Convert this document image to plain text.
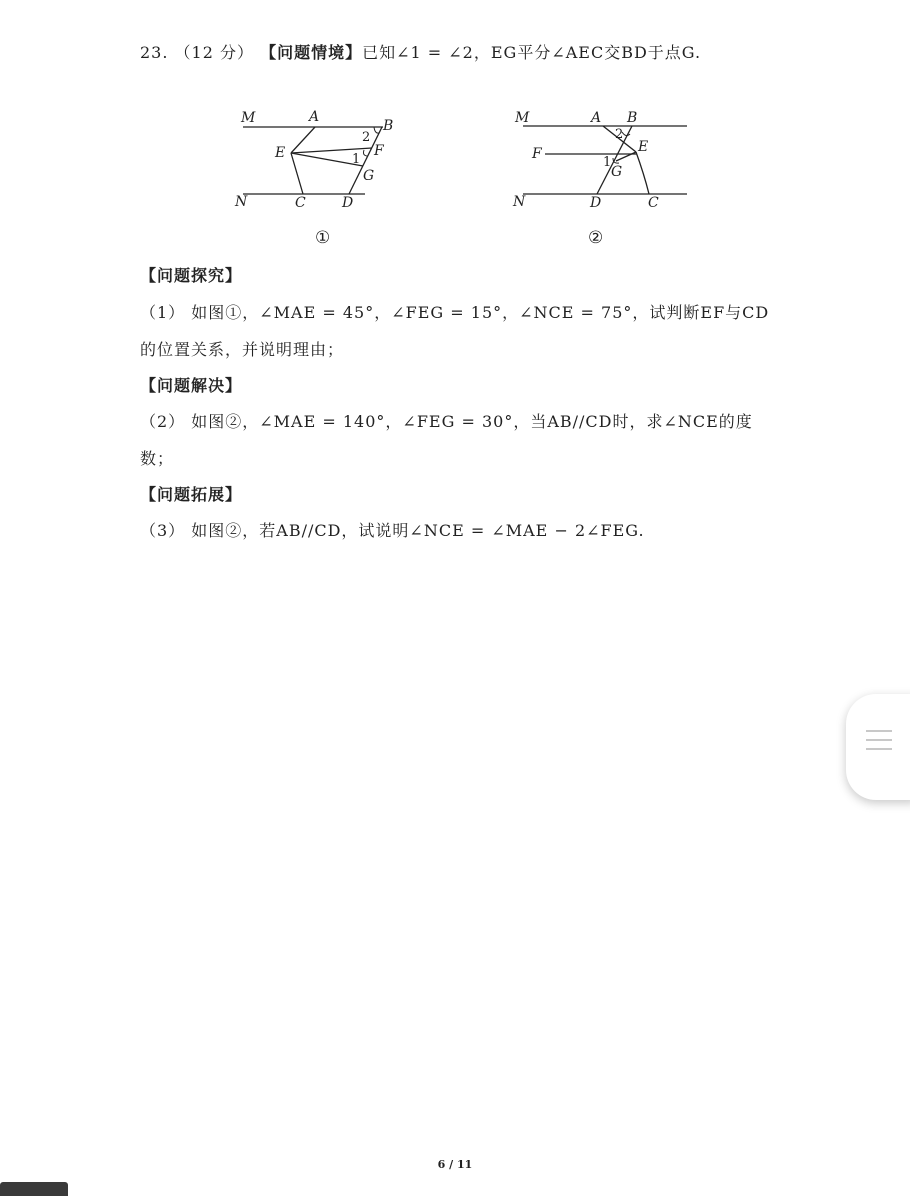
23. （12 分） 【问题情境】已知∠1 = ∠2，EG平分∠AEC交BD于点G.
M	A
B
E	F
G
N	C	D
1
2
①
M	A B
F	E
G
N	D	C
1
2
②
【问题探究】
（1） 如图①，∠MAE = 45°，∠FEG = 15°，∠NCE = 75°，试判断EF与CD
的位置关系，并说明理由；
【问题解决】
（2） 如图②，∠MAE = 140°，∠FEG = 30°，当AB//CD时，求∠NCE的度
数；
【问题拓展】
（3） 如图②，若AB//CD，试说明∠NCE = ∠MAE − 2∠FEG.
6 / 11
